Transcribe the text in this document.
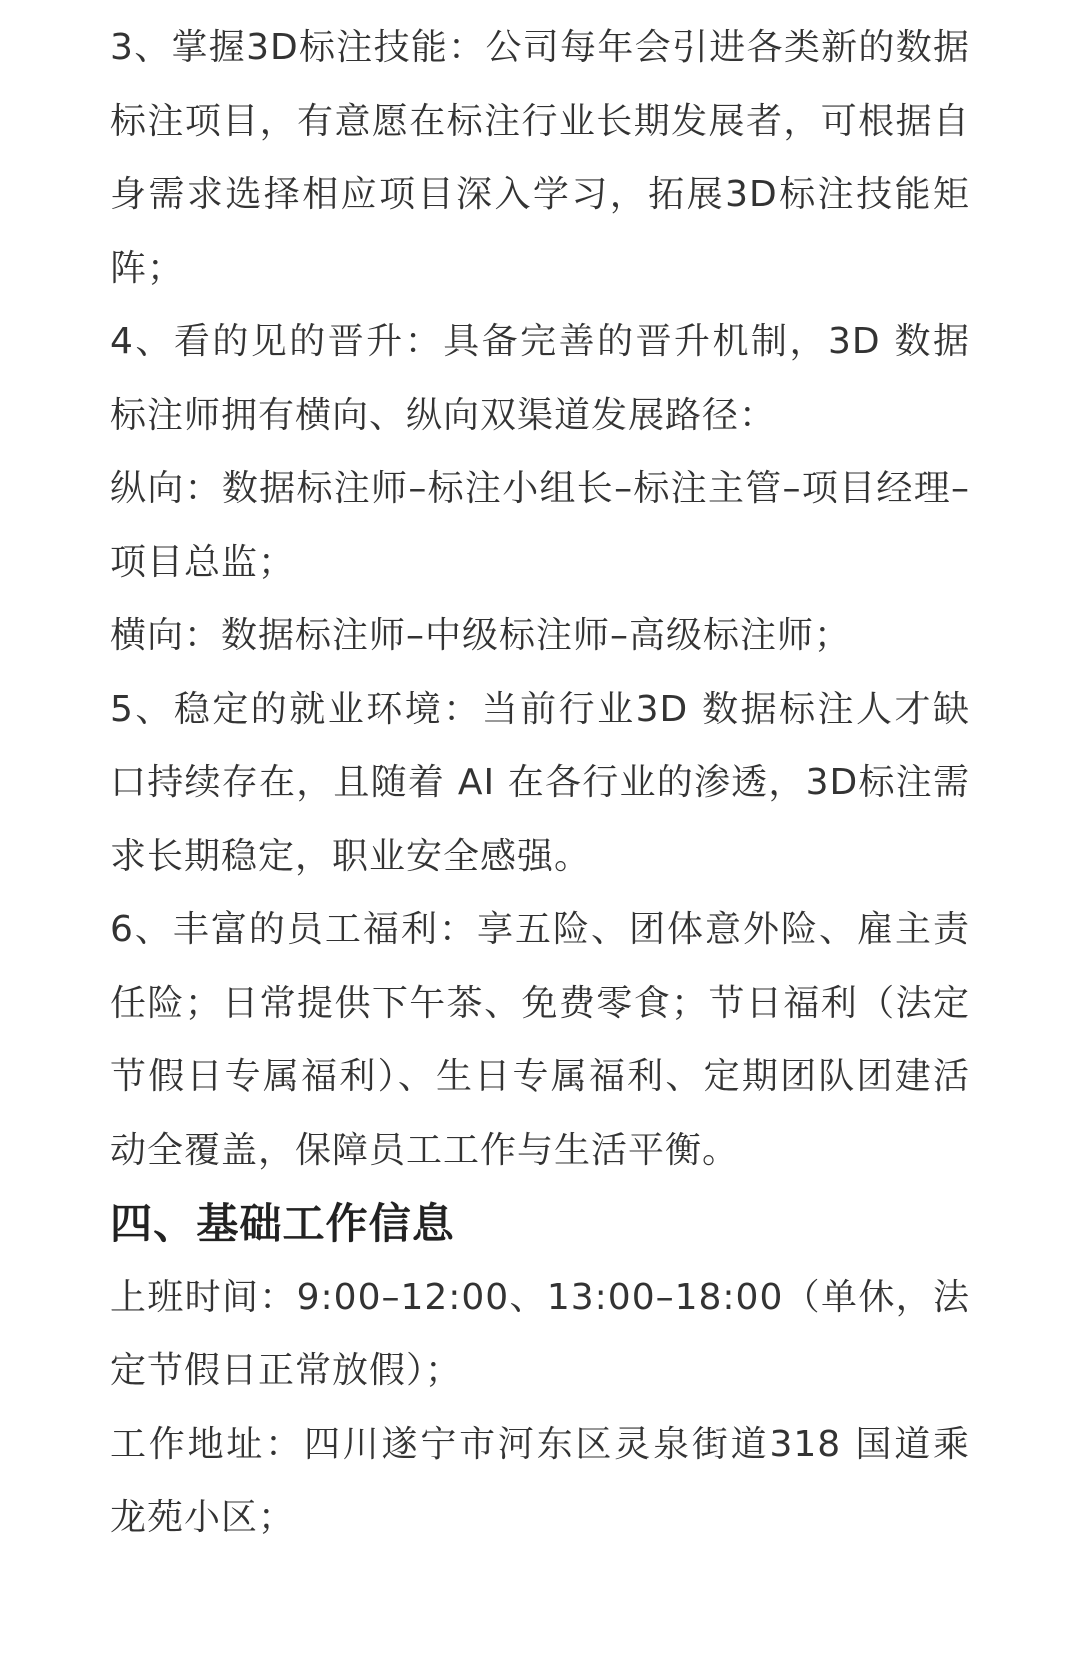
3、掌握3D标注技能：公司每年会引进各类新的数据标注项目，有意愿在标注行业长期发展者，可根据自身需求选择相应项目深入学习，拓展3D标注技能矩阵；

4、看的见的晋升：具备完善的晋升机制，3D 数据标注师拥有横向、纵向双渠道发展路径：

纵向：数据标注师–标注小组长–标注主管–项目经理–项目总监；

横向：数据标注师–中级标注师–高级标注师；

5、稳定的就业环境：当前行业3D 数据标注人才缺口持续存在，且随着 AI 在各行业的渗透，3D标注需求长期稳定，职业安全感强。

6、丰富的员工福利：享五险、团体意外险、雇主责任险；日常提供下午茶、免费零食；节日福利（法定节假日专属福利）、生日专属福利、定期团队团建活动全覆盖，保障员工工作与生活平衡。

四、基础工作信息

上班时间：9:00–12:00、13:00–18:00（单休，法定节假日正常放假）；

工作地址：四川遂宁市河东区灵泉街道318 国道乘龙苑小区；
